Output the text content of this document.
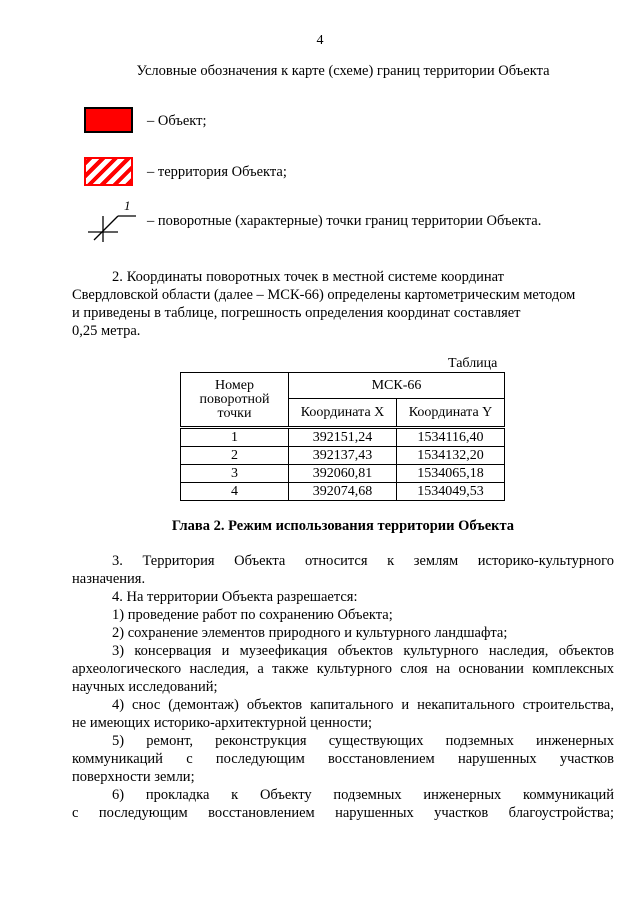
4
Условные обозначения к карте (схеме) границ территории Объекта
– Объект;
– территория Объекта;
1
– поворотные (характерные) точки границ территории Объекта.
2. Координаты поворотных точек в местной системе координат
Свердловской области (далее – МСК-66) определены картометрическим методом
и приведены в таблице, погрешность определения координат составляет
0,25 метра.
Таблица
Номер поворотной точки	МСК-66	
	Координата X	Координата Y
1	392151,24	1534116,40
2	392137,43	1534132,20
3	392060,81	1534065,18
4	392074,68	1534049,53
Глава 2. Режим использования территории Объекта
3. Территория Объекта относится к землям историко-культурного
назначения.
4. На территории Объекта разрешается:
1) проведение работ по сохранению Объекта;
2) сохранение элементов природного и культурного ландшафта;
3) консервация и музеефикация объектов культурного наследия, объектов
археологического наследия, а также культурного слоя на основании комплексных
научных исследований;
4) снос (демонтаж) объектов капитального и некапитального строительства,
не имеющих историко-архитектурной ценности;
5) ремонт, реконструкция существующих подземных инженерных
коммуникаций с последующим восстановлением нарушенных участков
поверхности земли;
6) прокладка к Объекту подземных инженерных коммуникаций
с последующим восстановлением нарушенных участков благоустройства;
